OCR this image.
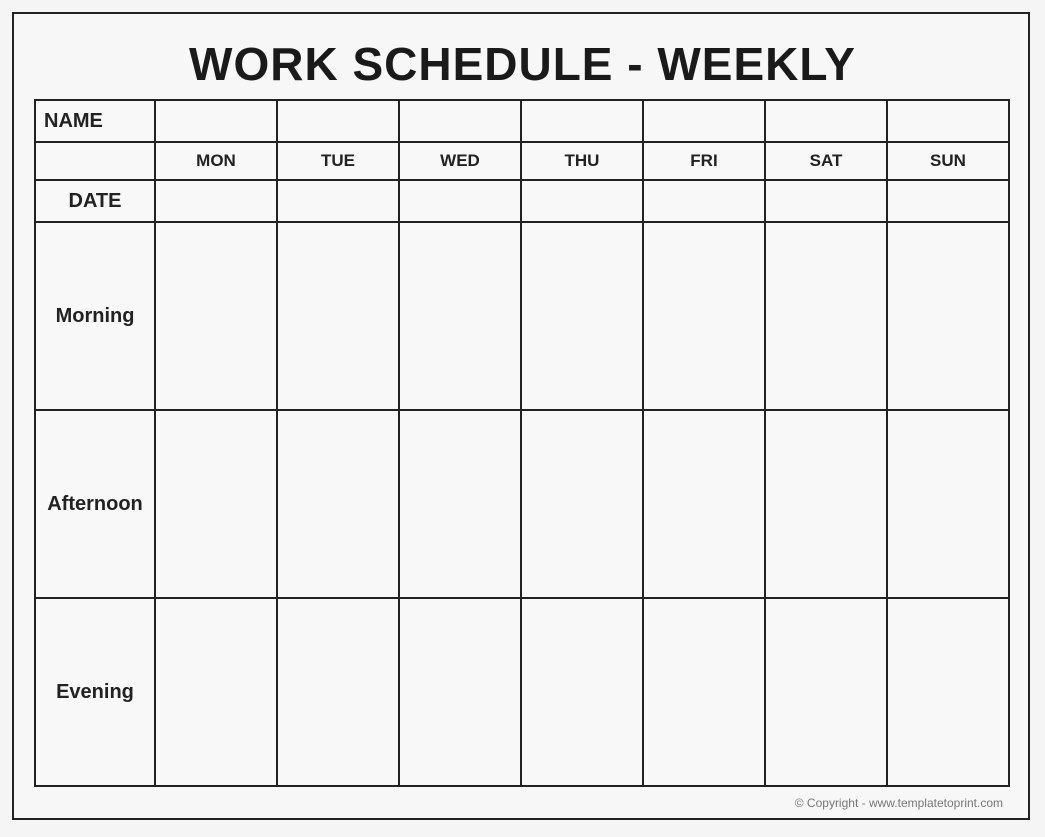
WORK SCHEDULE - WEEKLY
NAME							
	MON	TUE	WED	THU	FRI	SAT	SUN
DATE							
Morning							
Afternoon							
Evening							
© Copyright - www.templatetoprint.com
